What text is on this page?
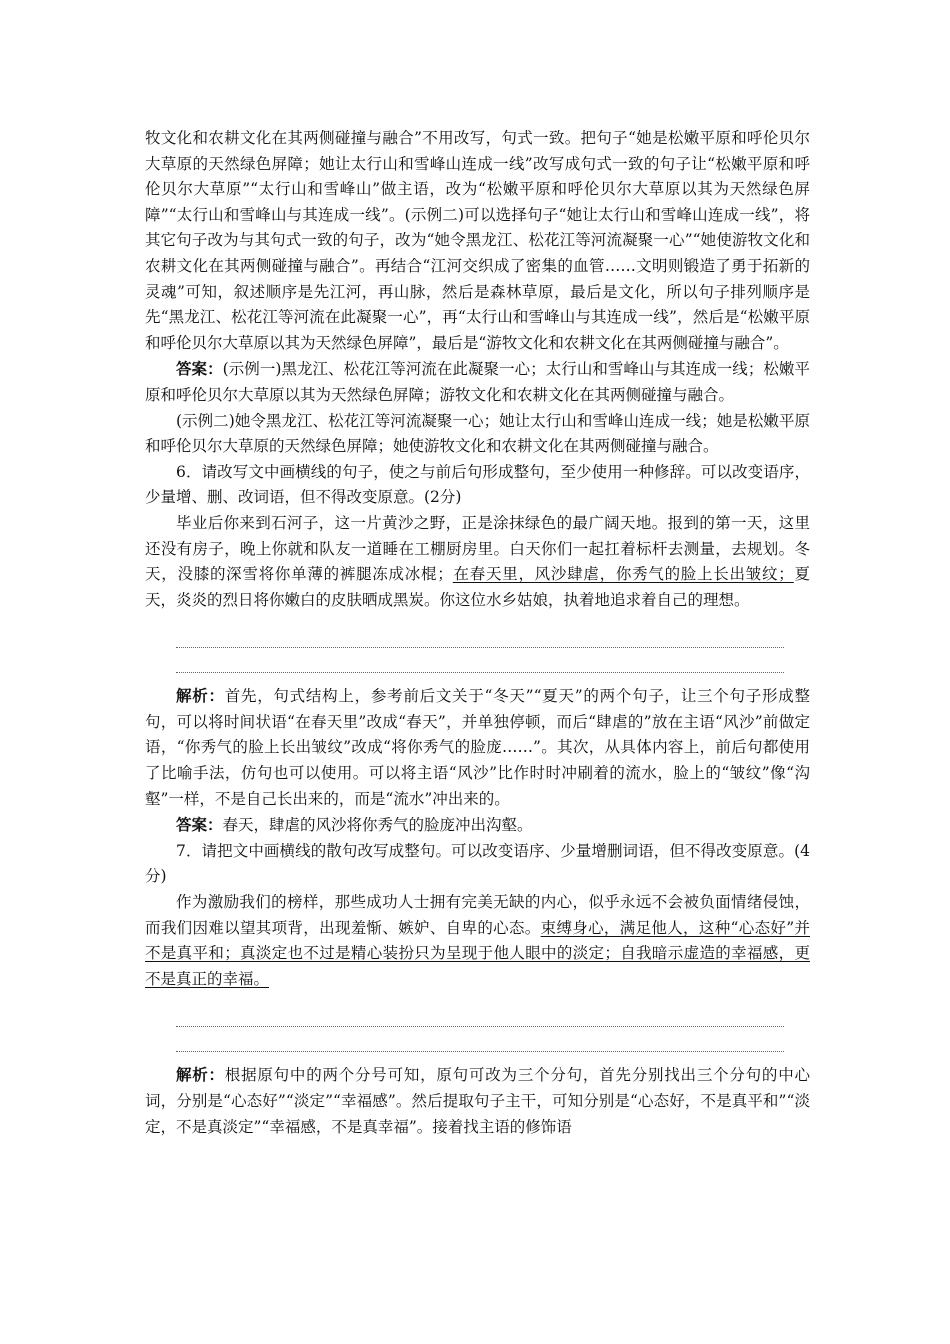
牧文化和农耕文化在其两侧碰撞与融合”不用改写，句式一致。把句子“她是松嫩平原和呼伦贝尔大草原的天然绿色屏障；她让太行山和雪峰山连成一线”改写成句式一致的句子让“松嫩平原和呼伦贝尔大草原”“太行山和雪峰山”做主语，改为“松嫩平原和呼伦贝尔大草原以其为天然绿色屏障”“太行山和雪峰山与其连成一线”。(示例二)可以选择句子“她让太行山和雪峰山连成一线”，将其它句子改为与其句式一致的句子，改为“她令黑龙江、松花江等河流凝聚一心”“她使游牧文化和农耕文化在其两侧碰撞与融合”。再结合“江河交织成了密集的血管……文明则锻造了勇于拓新的灵魂”可知，叙述顺序是先江河，再山脉，然后是森林草原，最后是文化，所以句子排列顺序是先“黑龙江、松花江等河流在此凝聚一心”，再“太行山和雪峰山与其连成一线”，然后是“松嫩平原和呼伦贝尔大草原以其为天然绿色屏障”，最后是“游牧文化和农耕文化在其两侧碰撞与融合”。

答案：(示例一)黑龙江、松花江等河流在此凝聚一心；太行山和雪峰山与其连成一线；松嫩平原和呼伦贝尔大草原以其为天然绿色屏障；游牧文化和农耕文化在其两侧碰撞与融合。

(示例二)她令黑龙江、松花江等河流凝聚一心；她让太行山和雪峰山连成一线；她是松嫩平原和呼伦贝尔大草原的天然绿色屏障；她使游牧文化和农耕文化在其两侧碰撞与融合。

6．请改写文中画横线的句子，使之与前后句形成整句，至少使用一种修辞。可以改变语序，少量增、删、改词语，但不得改变原意。(2分)

毕业后你来到石河子，这一片黄沙之野，正是涂抹绿色的最广阔天地。报到的第一天，这里还没有房子，晚上你就和队友一道睡在工棚厨房里。白天你们一起扛着标杆去测量，去规划。冬天，没膝的深雪将你单薄的裤腿冻成冰棍；在春天里，风沙肆虐，你秀气的脸上长出皱纹；夏天，炎炎的烈日将你嫩白的皮肤晒成黑炭。你这位水乡姑娘，执着地追求着自己的理想。

解析：首先，句式结构上，参考前后文关于“冬天”“夏天”的两个句子，让三个句子形成整句，可以将时间状语“在春天里”改成“春天”，并单独停顿，而后“肆虐的”放在主语“风沙”前做定语，“你秀气的脸上长出皱纹”改成“将你秀气的脸庞……”。其次，从具体内容上，前后句都使用了比喻手法，仿句也可以使用。可以将主语“风沙”比作时时冲刷着的流水，脸上的“皱纹”像“沟壑”一样，不是自己长出来的，而是“流水”冲出来的。

答案：春天，肆虐的风沙将你秀气的脸庞冲出沟壑。

7．请把文中画横线的散句改写成整句。可以改变语序、少量增删词语，但不得改变原意。(4分)

作为激励我们的榜样，那些成功人士拥有完美无缺的内心，似乎永远不会被负面情绪侵蚀，而我们因难以望其项背，出现羞惭、嫉妒、自卑的心态。束缚身心，满足他人，这种“心态好”并不是真平和；真淡定也不过是精心装扮只为呈现于他人眼中的淡定；自我暗示虚造的幸福感，更不是真正的幸福。

解析：根据原句中的两个分号可知，原句可改为三个分句，首先分别找出三个分句的中心词，分别是“心态好”“淡定”“幸福感”。然后提取句子主干，可知分别是“心态好，不是真平和”“淡定，不是真淡定”“幸福感，不是真幸福”。接着找主语的修饰语
